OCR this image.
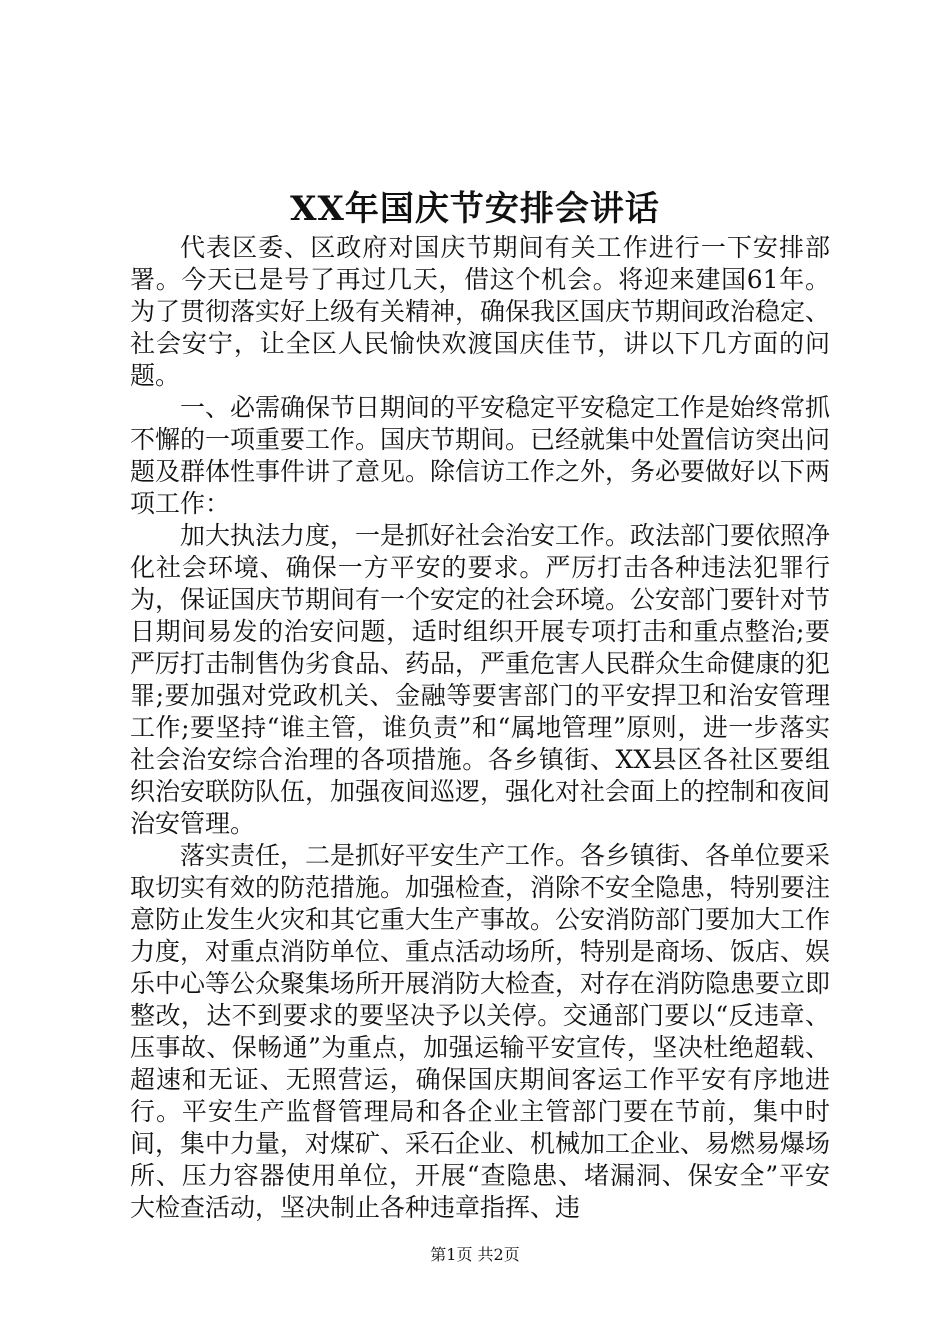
XX年国庆节安排会讲话

代表区委、区政府对国庆节期间有关工作进行一下安排部署。今天已是号了再过几天，借这个机会。将迎来建国61年。为了贯彻落实好上级有关精神，确保我区国庆节期间政治稳定、社会安宁，让全区人民愉快欢渡国庆佳节，讲以下几方面的问题。

一、必需确保节日期间的平安稳定平安稳定工作是始终常抓不懈的一项重要工作。国庆节期间。已经就集中处置信访突出问题及群体性事件讲了意见。除信访工作之外，务必要做好以下两项工作：

加大执法力度，一是抓好社会治安工作。政法部门要依照净化社会环境、确保一方平安的要求。严厉打击各种违法犯罪行为，保证国庆节期间有一个安定的社会环境。公安部门要针对节日期间易发的治安问题，适时组织开展专项打击和重点整治;要严厉打击制售伪劣食品、药品，严重危害人民群众生命健康的犯罪;要加强对党政机关、金融等要害部门的平安捍卫和治安管理工作;要坚持“谁主管，谁负责”和“属地管理”原则，进一步落实社会治安综合治理的各项措施。各乡镇街、XX县区各社区要组织治安联防队伍，加强夜间巡逻，强化对社会面上的控制和夜间治安管理。

落实责任，二是抓好平安生产工作。各乡镇街、各单位要采取切实有效的防范措施。加强检查，消除不安全隐患，特别要注意防止发生火灾和其它重大生产事故。公安消防部门要加大工作力度，对重点消防单位、重点活动场所，特别是商场、饭店、娱乐中心等公众聚集场所开展消防大检查，对存在消防隐患要立即整改，达不到要求的要坚决予以关停。交通部门要以“反违章、压事故、保畅通”为重点，加强运输平安宣传，坚决杜绝超载、超速和无证、无照营运，确保国庆期间客运工作平安有序地进行。平安生产监督管理局和各企业主管部门要在节前，集中时间，集中力量，对煤矿、采石企业、机械加工企业、易燃易爆场所、压力容器使用单位，开展“查隐患、堵漏洞、保安全”平安大检查活动，坚决制止各种违章指挥、违

第1页 共2页
